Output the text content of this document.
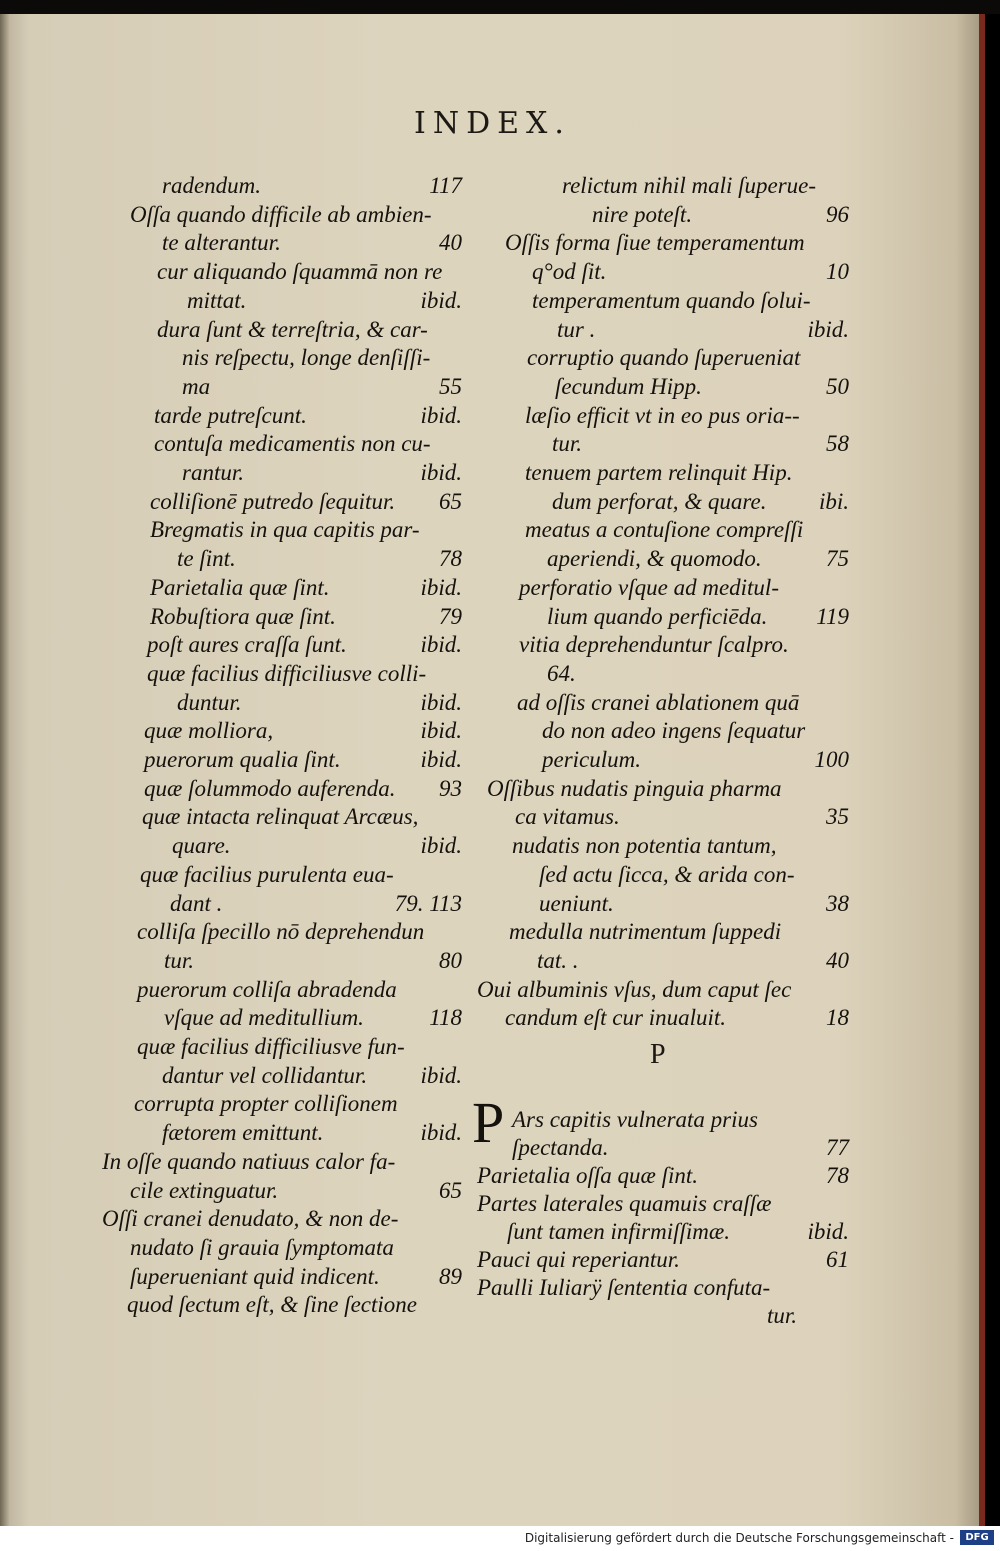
INDEX.
radendum.	117
Oſſa quando difficile ab ambien-
te alterantur.	40
cur aliquando ſquammā non re
mittat.	ibid.
dura ſunt & terreſtria, & car-
nis reſpectu, longe denſiſſi-
ma	55
tarde putreſcunt.	ibid.
contuſa medicamentis non cu-
rantur.	ibid.
colliſionē putredo ſequitur. 65
Bregmatis in qua capitis par-
te ſint.	78
Parietalia quæ ſint.	ibid.
Robuſtiora quæ ſint.	79
poſt aures craſſa ſunt.	ibid.
quæ facilius difficiliusve colli-
duntur.	ibid.
quæ molliora,	ibid.
puerorum qualia ſint.	ibid.
quæ ſolummodo auferenda. 93
quæ intacta relinquat Arcæus,
quare.	ibid.
quæ facilius purulenta eua-
dant .	79. 113
colliſa ſpecillo nō deprehendun
tur.	80
puerorum colliſa abradenda
vſque ad meditullium.	118
quæ facilius difficiliusve fun-
dantur vel collidantur. ibid.
corrupta propter colliſionem
fætorem emittunt.	ibid.
In oſſe quando natiuus calor fa-
cile extinguatur.	65
Oſſi cranei denudato, & non de-
nudato ſi grauia ſymptomata
ſuperueniant quid indicent.	89
quod ſectum eſt, & ſine ſectione
relictum nihil mali ſuperue-
nire poteſt.	96
Oſſis forma ſiue temperamentum
q°od ſit.	10
temperamentum quando ſolui-
tur .	ibid.
corruptio quando ſuperueniat
ſecundum Hipp.	50
læſio efficit vt in eo pus oria--
tur.	58
tenuem partem relinquit Hip.
dum perforat, & quare. ibi.
meatus a contuſione compreſſi
aperiendi, & quomodo.	75
perforatio vſque ad meditul-
lium quando perficiēda. 119
vitia deprehenduntur ſcalpro.
64.
ad oſſis cranei ablationem quā
do non adeo ingens ſequatur
periculum.	100
Oſſibus nudatis pinguia pharma
ca vitamus.	35
nudatis non potentia tantum,
ſed actu ſicca, & arida con-
ueniunt.	38
medulla nutrimentum ſuppedi
tat. .	40
Oui albuminis vſus, dum caput ſec
candum eſt cur inualuit.	18
Ars capitis vulnerata prius
ſpectanda.	77
Parietalia oſſa quæ ſint.	78
Partes laterales quamuis craſſæ
ſunt tamen infirmiſſimæ.	ibid.
Pauci qui reperiantur.	61
Paulli Iuliarÿ ſententia confuta-
tur.
P
P
Digitalisierung gefördert durch die Deutsche Forschungsgemeinschaft -	DFG
